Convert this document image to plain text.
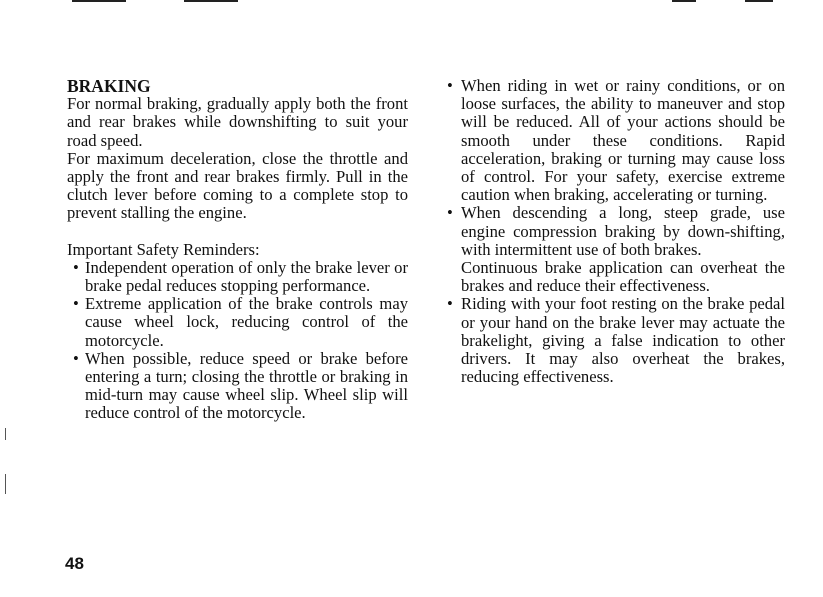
BRAKING

For normal braking, gradually apply both the front and rear brakes while downshifting to suit your road speed.

For maximum deceleration, close the throttle and apply the front and rear brakes firmly. Pull in the clutch lever before coming to a complete stop to prevent stalling the engine.

Important Safety Reminders:

• Independent operation of only the brake lever or brake pedal reduces stopping performance.
• Extreme application of the brake controls may cause wheel lock, reducing control of the motorcycle.
• When possible, reduce speed or brake before entering a turn; closing the throttle or braking in mid-turn may cause wheel slip. Wheel slip will reduce control of the motorcycle.
• When riding in wet or rainy conditions, or on loose surfaces, the ability to maneuver and stop will be reduced. All of your actions should be smooth under these conditions. Rapid acceleration, braking or turning may cause loss of control. For your safety, exercise extreme caution when braking, accelerating or turning.
• When descending a long, steep grade, use engine compression braking by down-shifting, with intermittent use of both brakes.
Continuous brake application can overheat the brakes and reduce their effectiveness.
• Riding with your foot resting on the brake pedal or your hand on the brake lever may actuate the brakelight, giving a false indication to other drivers. It may also overheat the brakes, reducing effectiveness.
48
